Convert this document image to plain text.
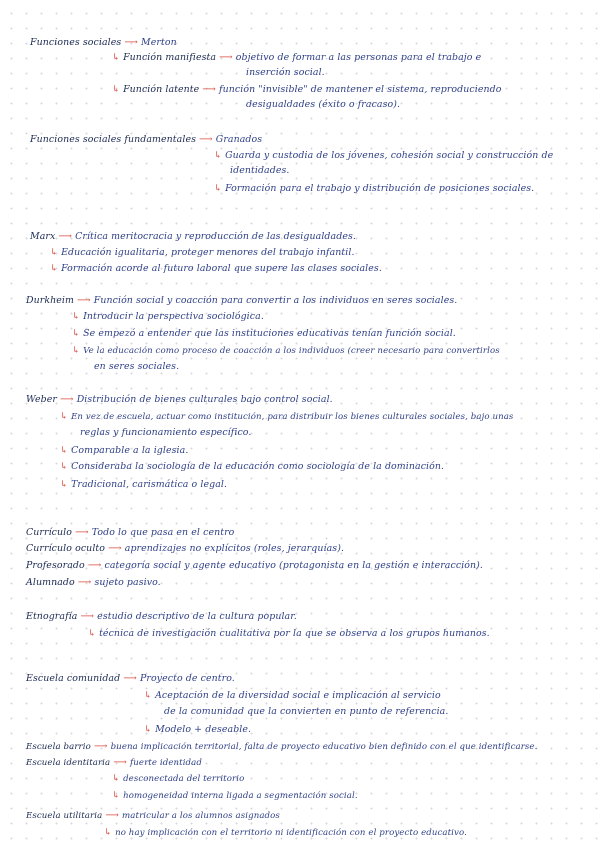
Funciones sociales ⟶ Merton
↳ Función manifiesta ⟶ objetivo de formar a las personas para el trabajo e
inserción social.
↳ Función latente ⟶ función "invisible" de mantener el sistema, reproduciendo
desigualdades (éxito o fracaso).
Funciones sociales fundamentales ⟶ Granados
↳ Guarda y custodia de los jóvenes, cohesión social y construcción de
identidades.
↳ Formación para el trabajo y distribución de posiciones sociales.
Marx ⟶ Crítica meritocracia y reproducción de las desigualdades.
↳ Educación igualitaria, proteger menores del trabajo infantil.
↳ Formación acorde al futuro laboral que supere las clases sociales.
Durkheim ⟶ Función social y coacción para convertir a los individuos en seres sociales.
↳ Introducir la perspectiva sociológica.
↳ Se empezó a entender que las instituciones educativas tenían función social.
↳ Ve la educación como proceso de coacción a los individuos (creer necesario para convertirlos
en seres sociales.
Weber ⟶ Distribución de bienes culturales bajo control social.
↳ En vez de escuela, actuar como institución, para distribuir los bienes culturales sociales, bajo unas
reglas y funcionamiento específico.
↳ Comparable a la iglesia.
↳ Consideraba la sociología de la educación como sociología de la dominación.
↳ Tradicional, carismática o legal.
Currículo ⟶ Todo lo que pasa en el centro
Currículo oculto ⟶ aprendizajes no explícitos (roles, jerarquías).
Profesorado ⟶ categoría social y agente educativo (protagonista en la gestión e interacción).
Alumnado ⟶ sujeto pasivo.
Etnografía ⟶ estudio descriptivo de la cultura popular.
↳ técnica de investigación cualitativa por la que se observa a los grupos humanos.
Escuela comunidad ⟶ Proyecto de centro.
↳ Aceptación de la diversidad social e implicación al servicio
de la comunidad que la convierten en punto de referencia.
↳ Modelo + deseable.
Escuela barrio ⟶ buena implicación territorial, falta de proyecto educativo bien definido con el que identificarse.
Escuela identitaria ⟶ fuerte identidad
↳ desconectada del territorio
↳ homogeneidad interna ligada a segmentación social.
Escuela utilitaria ⟶ matricular a los alumnos asignados
↳ no hay implicación con el territorio ni identificación con el proyecto educativo.
